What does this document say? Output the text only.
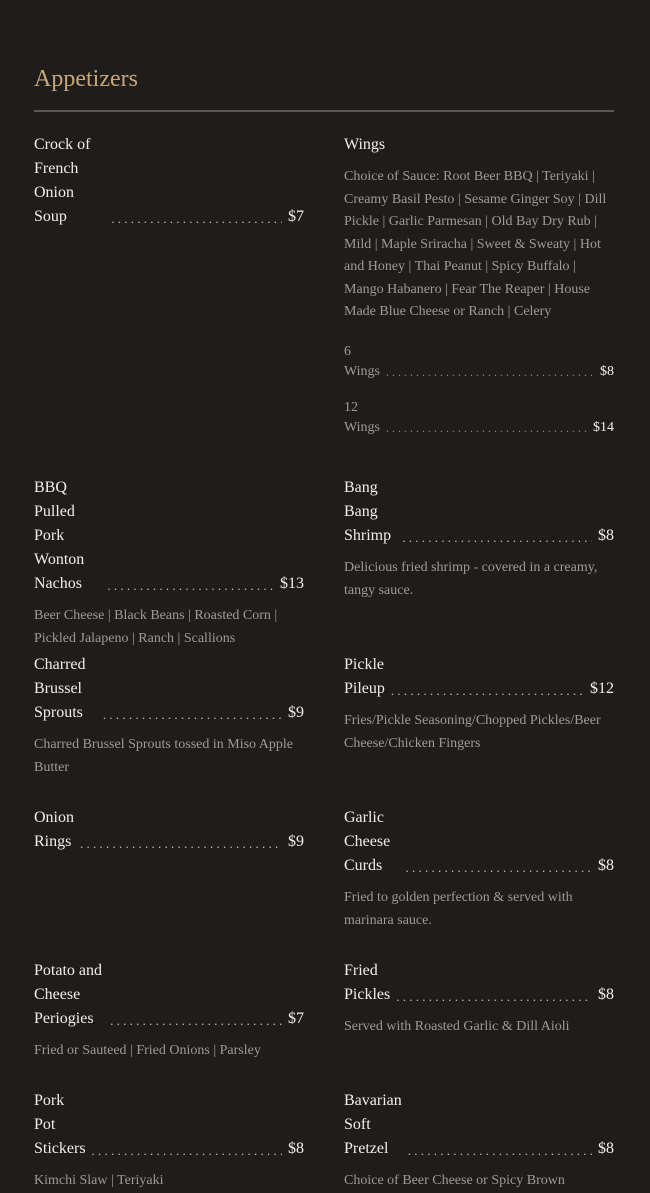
Appetizers
Crock of French Onion Soup . . .	$7
Wings
Choice of Sauce: Root Beer BBQ | Teriyaki | Creamy Basil Pesto | Sesame Ginger Soy | Dill Pickle | Garlic Parmesan | Old Bay Dry Rub | Mild | Maple Sriracha | Sweet & Sweaty | Hot and Honey | Thai Peanut | Spicy Buffalo | Mango Habanero | Fear The Reaper | House Made Blue Cheese or Ranch | Celery
6 Wings . . .	$8
12 Wings . . .	$14
BBQ Pulled Pork Wonton Nachos . . .	$13
Beer Cheese | Black Beans | Roasted Corn | Pickled Jalapeno | Ranch | Scallions
Bang Bang Shrimp . . .	$8
Delicious fried shrimp - covered in a creamy, tangy sauce.
Charred Brussel Sprouts . . .	$9
Charred Brussel Sprouts tossed in Miso Apple Butter
Pickle Pileup . . .	$12
Fries/Pickle Seasoning/Chopped Pickles/Beer Cheese/Chicken Fingers
Onion Rings . . .	$9
Garlic Cheese Curds . . .	$8
Fried to golden perfection & served with marinara sauce.
Potato and Cheese Periogies . . .	$7
Fried or Sauteed | Fried Onions | Parsley
Fried Pickles . . .	$8
Served with Roasted Garlic & Dill Aioli
Pork Pot Stickers . . .	$8
Kimchi Slaw | Teriyaki
Bavarian Soft Pretzel . . .	$8
Choice of Beer Cheese or Spicy Brown
